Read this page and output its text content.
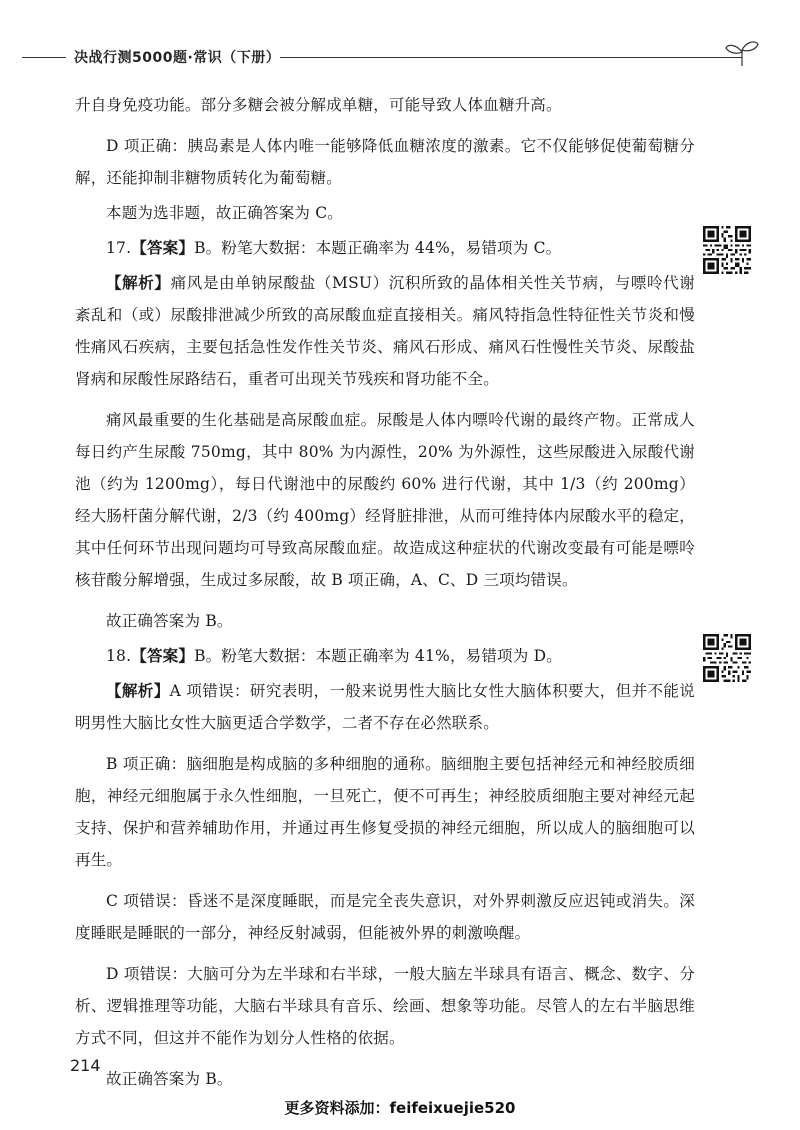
决战行测5000题·常识（下册）

升自身免疫功能。部分多糖会被分解成单糖，可能导致人体血糖升高。

D 项正确：胰岛素是人体内唯一能够降低血糖浓度的激素。它不仅能够促使葡萄糖分解，还能抑制非糖物质转化为葡萄糖。

本题为选非题，故正确答案为 C。

17.【答案】B。粉笔大数据：本题正确率为 44%，易错项为 C。

【解析】痛风是由单钠尿酸盐（MSU）沉积所致的晶体相关性关节病，与嘌呤代谢紊乱和（或）尿酸排泄减少所致的高尿酸血症直接相关。痛风特指急性特征性关节炎和慢性痛风石疾病，主要包括急性发作性关节炎、痛风石形成、痛风石性慢性关节炎、尿酸盐肾病和尿酸性尿路结石，重者可出现关节残疾和肾功能不全。

痛风最重要的生化基础是高尿酸血症。尿酸是人体内嘌呤代谢的最终产物。正常成人每日约产生尿酸 750mg，其中 80% 为内源性，20% 为外源性，这些尿酸进入尿酸代谢池（约为 1200mg），每日代谢池中的尿酸约 60% 进行代谢，其中 1/3（约 200mg）经大肠杆菌分解代谢，2/3（约 400mg）经肾脏排泄，从而可维持体内尿酸水平的稳定，其中任何环节出现问题均可导致高尿酸血症。故造成这种症状的代谢改变最有可能是嘌呤核苷酸分解增强，生成过多尿酸，故 B 项正确，A、C、D 三项均错误。

故正确答案为 B。

18.【答案】B。粉笔大数据：本题正确率为 41%，易错项为 D。

【解析】A 项错误：研究表明，一般来说男性大脑比女性大脑体积要大，但并不能说明男性大脑比女性大脑更适合学数学，二者不存在必然联系。

B 项正确：脑细胞是构成脑的多种细胞的通称。脑细胞主要包括神经元和神经胶质细胞，神经元细胞属于永久性细胞，一旦死亡，便不可再生；神经胶质细胞主要对神经元起支持、保护和营养辅助作用，并通过再生修复受损的神经元细胞，所以成人的脑细胞可以再生。

C 项错误：昏迷不是深度睡眠，而是完全丧失意识，对外界刺激反应迟钝或消失。深度睡眠是睡眠的一部分，神经反射减弱，但能被外界的刺激唤醒。

D 项错误：大脑可分为左半球和右半球，一般大脑左半球具有语言、概念、数字、分析、逻辑推理等功能，大脑右半球具有音乐、绘画、想象等功能。尽管人的左右半脑思维方式不同，但这并不能作为划分人性格的依据。

故正确答案为 B。

214
更多资料添加：feifeixuejie520
